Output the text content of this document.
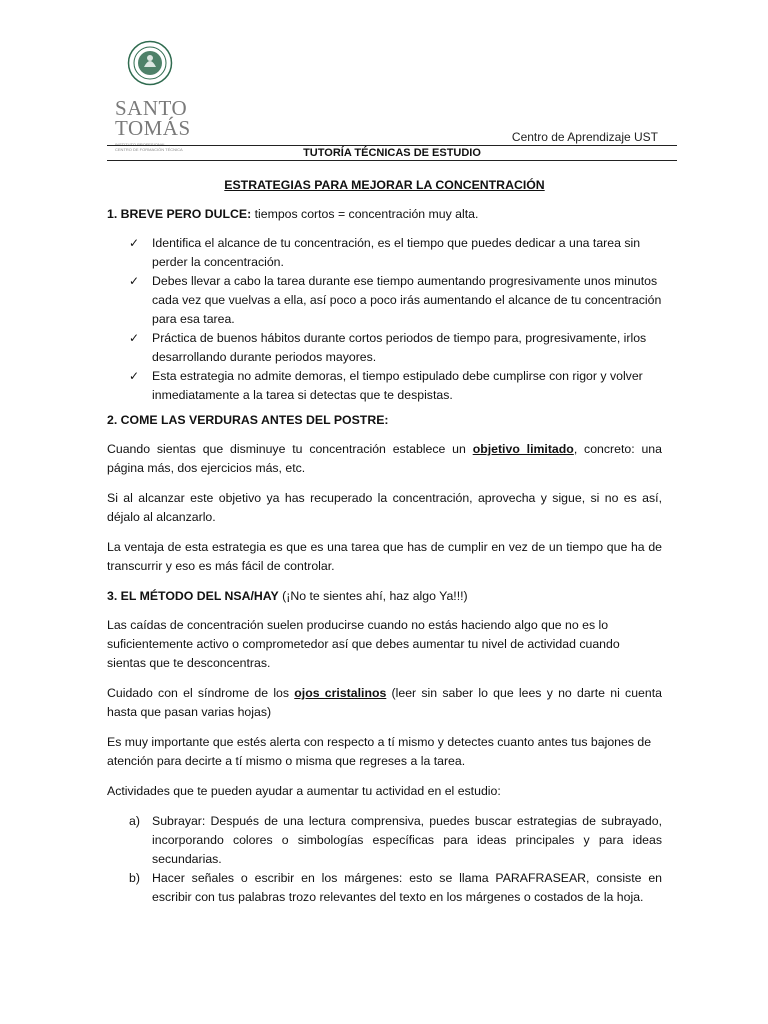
SANTO
TOMÁS
INSTITUTO PROFESIONAL
CENTRO DE FORMACIÓN TÉCNICA
Centro de Aprendizaje UST
TUTORÍA TÉCNICAS DE ESTUDIO
ESTRATEGIAS PARA MEJORAR LA CONCENTRACIÓN
1. BREVE PERO DULCE: tiempos cortos = concentración muy alta.
✓ Identifica el alcance de tu concentración, es el tiempo que puedes dedicar a una tarea sin perder la concentración.
✓ Debes llevar a cabo la tarea durante ese tiempo aumentando progresivamente unos minutos cada vez que vuelvas a ella, así poco a poco irás aumentando el alcance de tu concentración para esa tarea.
✓ Práctica de buenos hábitos durante cortos periodos de tiempo para, progresivamente, irlos desarrollando durante periodos mayores.
✓ Esta estrategia no admite demoras, el tiempo estipulado debe cumplirse con rigor y volver inmediatamente a la tarea si detectas que te despistas.
2. COME LAS VERDURAS ANTES DEL POSTRE:

Cuando sientas que disminuye tu concentración establece un objetivo limitado, concreto: una página más, dos ejercicios más, etc.

Si al alcanzar este objetivo ya has recuperado la concentración, aprovecha y sigue, si no es así, déjalo al alcanzarlo.

La ventaja de esta estrategia es que es una tarea que has de cumplir en vez de un tiempo que ha de transcurrir y eso es más fácil de controlar.

3. EL MÉTODO DEL NSA/HAY (¡No te sientes ahí, haz algo Ya!!!)

Las caídas de concentración suelen producirse cuando no estás haciendo algo que no es lo suficientemente activo o comprometedor así que debes aumentar tu nivel de actividad cuando sientas que te desconcentras.

Cuidado con el síndrome de los ojos cristalinos (leer sin saber lo que lees y no darte ni cuenta hasta que pasan varias hojas)

Es muy importante que estés alerta con respecto a tí mismo y detectes cuanto antes tus bajones de atención para decirte a tí mismo o misma que regreses a la tarea.

Actividades que te pueden ayudar a aumentar tu actividad en el estudio:

a) Subrayar: Después de una lectura comprensiva, puedes buscar estrategias de subrayado, incorporando colores o simbologías específicas para ideas principales y para ideas secundarias.
b) Hacer señales o escribir en los márgenes: esto se llama PARAFRASEAR, consiste en escribir con tus palabras trozo relevantes del texto en los márgenes o costados de la hoja.
